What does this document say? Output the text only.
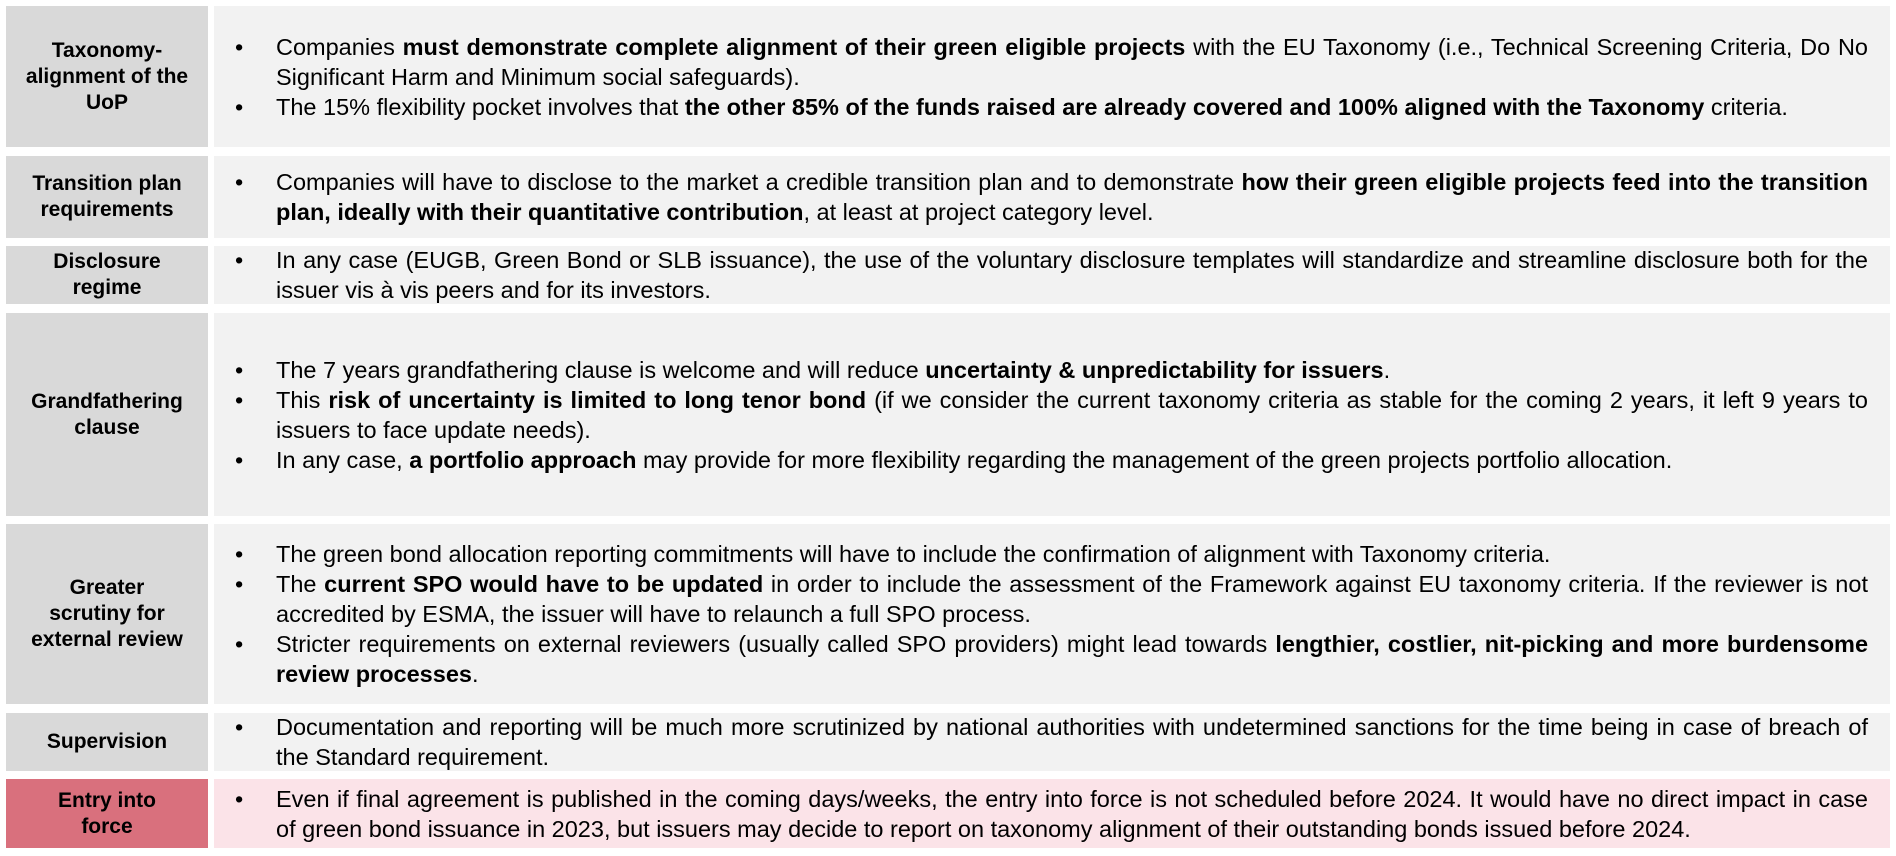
Taxonomy-alignment of the UoP
• Companies must demonstrate complete alignment of their green eligible projects with the EU Taxonomy (i.e., Technical Screening Criteria, Do No Significant Harm and Minimum social safeguards).
• The 15% flexibility pocket involves that the other 85% of the funds raised are already covered and 100% aligned with the Taxonomy criteria.
Transition plan requirements
• Companies will have to disclose to the market a credible transition plan and to demonstrate how their green eligible projects feed into the transition plan, ideally with their quantitative contribution, at least at project category level.
Disclosure regime
• In any case (EUGB, Green Bond or SLB issuance), the use of the voluntary disclosure templates will standardize and streamline disclosure both for the issuer vis à vis peers and for its investors.
Grandfathering clause
• The 7 years grandfathering clause is welcome and will reduce uncertainty & unpredictability for issuers.
• This risk of uncertainty is limited to long tenor bond (if we consider the current taxonomy criteria as stable for the coming 2 years, it left 9 years to issuers to face update needs).
• In any case, a portfolio approach may provide for more flexibility regarding the management of the green projects portfolio allocation.
Greater scrutiny for external review
• The green bond allocation reporting commitments will have to include the confirmation of alignment with Taxonomy criteria.
• The current SPO would have to be updated in order to include the assessment of the Framework against EU taxonomy criteria. If the reviewer is not accredited by ESMA, the issuer will have to relaunch a full SPO process.
• Stricter requirements on external reviewers (usually called SPO providers) might lead towards lengthier, costlier, nit-picking and more burdensome review processes.
Supervision
• Documentation and reporting will be much more scrutinized by national authorities with undetermined sanctions for the time being in case of breach of the Standard requirement.
Entry into force
• Even if final agreement is published in the coming days/weeks, the entry into force is not scheduled before 2024. It would have no direct impact in case of green bond issuance in 2023, but issuers may decide to report on taxonomy alignment of their outstanding bonds issued before 2024.
